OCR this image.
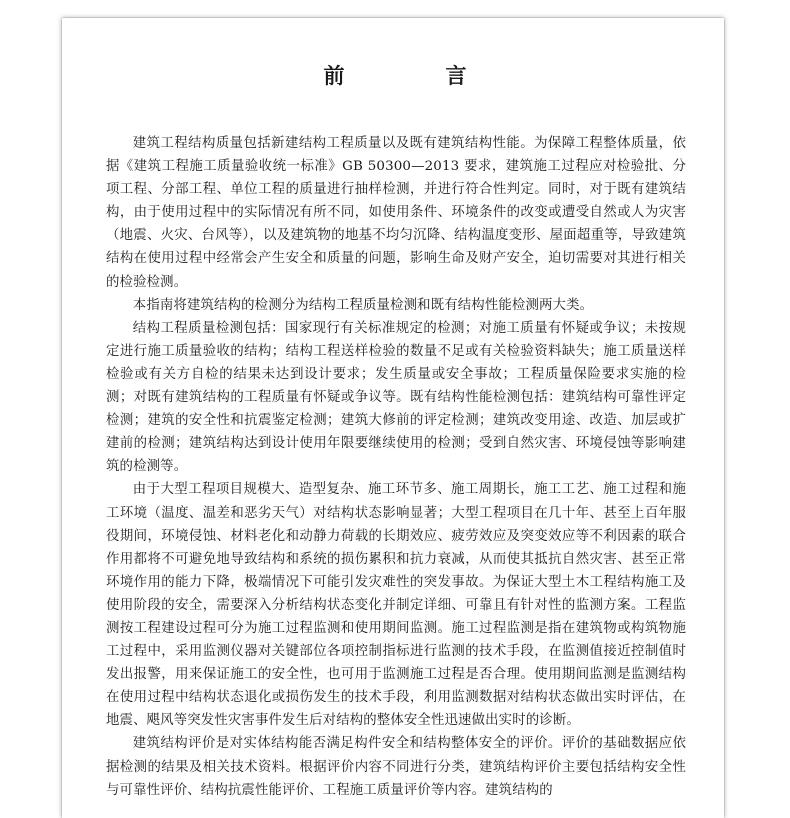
前　言

建筑工程结构质量包括新建结构工程质量以及既有建筑结构性能。为保障工程整体质量，依据《建筑工程施工质量验收统一标准》GB 50300—2013 要求，建筑施工过程应对检验批、分项工程、分部工程、单位工程的质量进行抽样检测，并进行符合性判定。同时，对于既有建筑结构，由于使用过程中的实际情况有所不同，如使用条件、环境条件的改变或遭受自然或人为灾害（地震、火灾、台风等），以及建筑物的地基不均匀沉降、结构温度变形、屋面超重等，导致建筑结构在使用过程中经常会产生安全和质量的问题，影响生命及财产安全，迫切需要对其进行相关的检验检测。

本指南将建筑结构的检测分为结构工程质量检测和既有结构性能检测两大类。

结构工程质量检测包括：国家现行有关标准规定的检测；对施工质量有怀疑或争议；未按规定进行施工质量验收的结构；结构工程送样检验的数量不足或有关检验资料缺失；施工质量送样检验或有关方自检的结果未达到设计要求；发生质量或安全事故；工程质量保险要求实施的检测；对既有建筑结构的工程质量有怀疑或争议等。既有结构性能检测包括：建筑结构可靠性评定检测；建筑的安全性和抗震鉴定检测；建筑大修前的评定检测；建筑改变用途、改造、加层或扩建前的检测；建筑结构达到设计使用年限要继续使用的检测；受到自然灾害、环境侵蚀等影响建筑的检测等。

由于大型工程项目规模大、造型复杂、施工环节多、施工周期长，施工工艺、施工过程和施工环境（温度、温差和恶劣天气）对结构状态影响显著；大型工程项目在几十年、甚至上百年服役期间，环境侵蚀、材料老化和动静力荷载的长期效应、疲劳效应及突变效应等不利因素的联合作用都将不可避免地导致结构和系统的损伤累积和抗力衰减，从而使其抵抗自然灾害、甚至正常环境作用的能力下降，极端情况下可能引发灾难性的突发事故。为保证大型土木工程结构施工及使用阶段的安全，需要深入分析结构状态变化并制定详细、可靠且有针对性的监测方案。工程监测按工程建设过程可分为施工过程监测和使用期间监测。施工过程监测是指在建筑物或构筑物施工过程中，采用监测仪器对关键部位各项控制指标进行监测的技术手段，在监测值接近控制值时发出报警，用来保证施工的安全性，也可用于监测施工过程是否合理。使用期间监测是监测结构在使用过程中结构状态退化或损伤发生的技术手段，利用监测数据对结构状态做出实时评估，在地震、飓风等突发性灾害事件发生后对结构的整体安全性迅速做出实时的诊断。

建筑结构评价是对实体结构能否满足构件安全和结构整体安全的评价。评价的基础数据应依据检测的结果及相关技术资料。根据评价内容不同进行分类，建筑结构评价主要包括结构安全性与可靠性评价、结构抗震性能评价、工程施工质量评价等内容。建筑结构的
